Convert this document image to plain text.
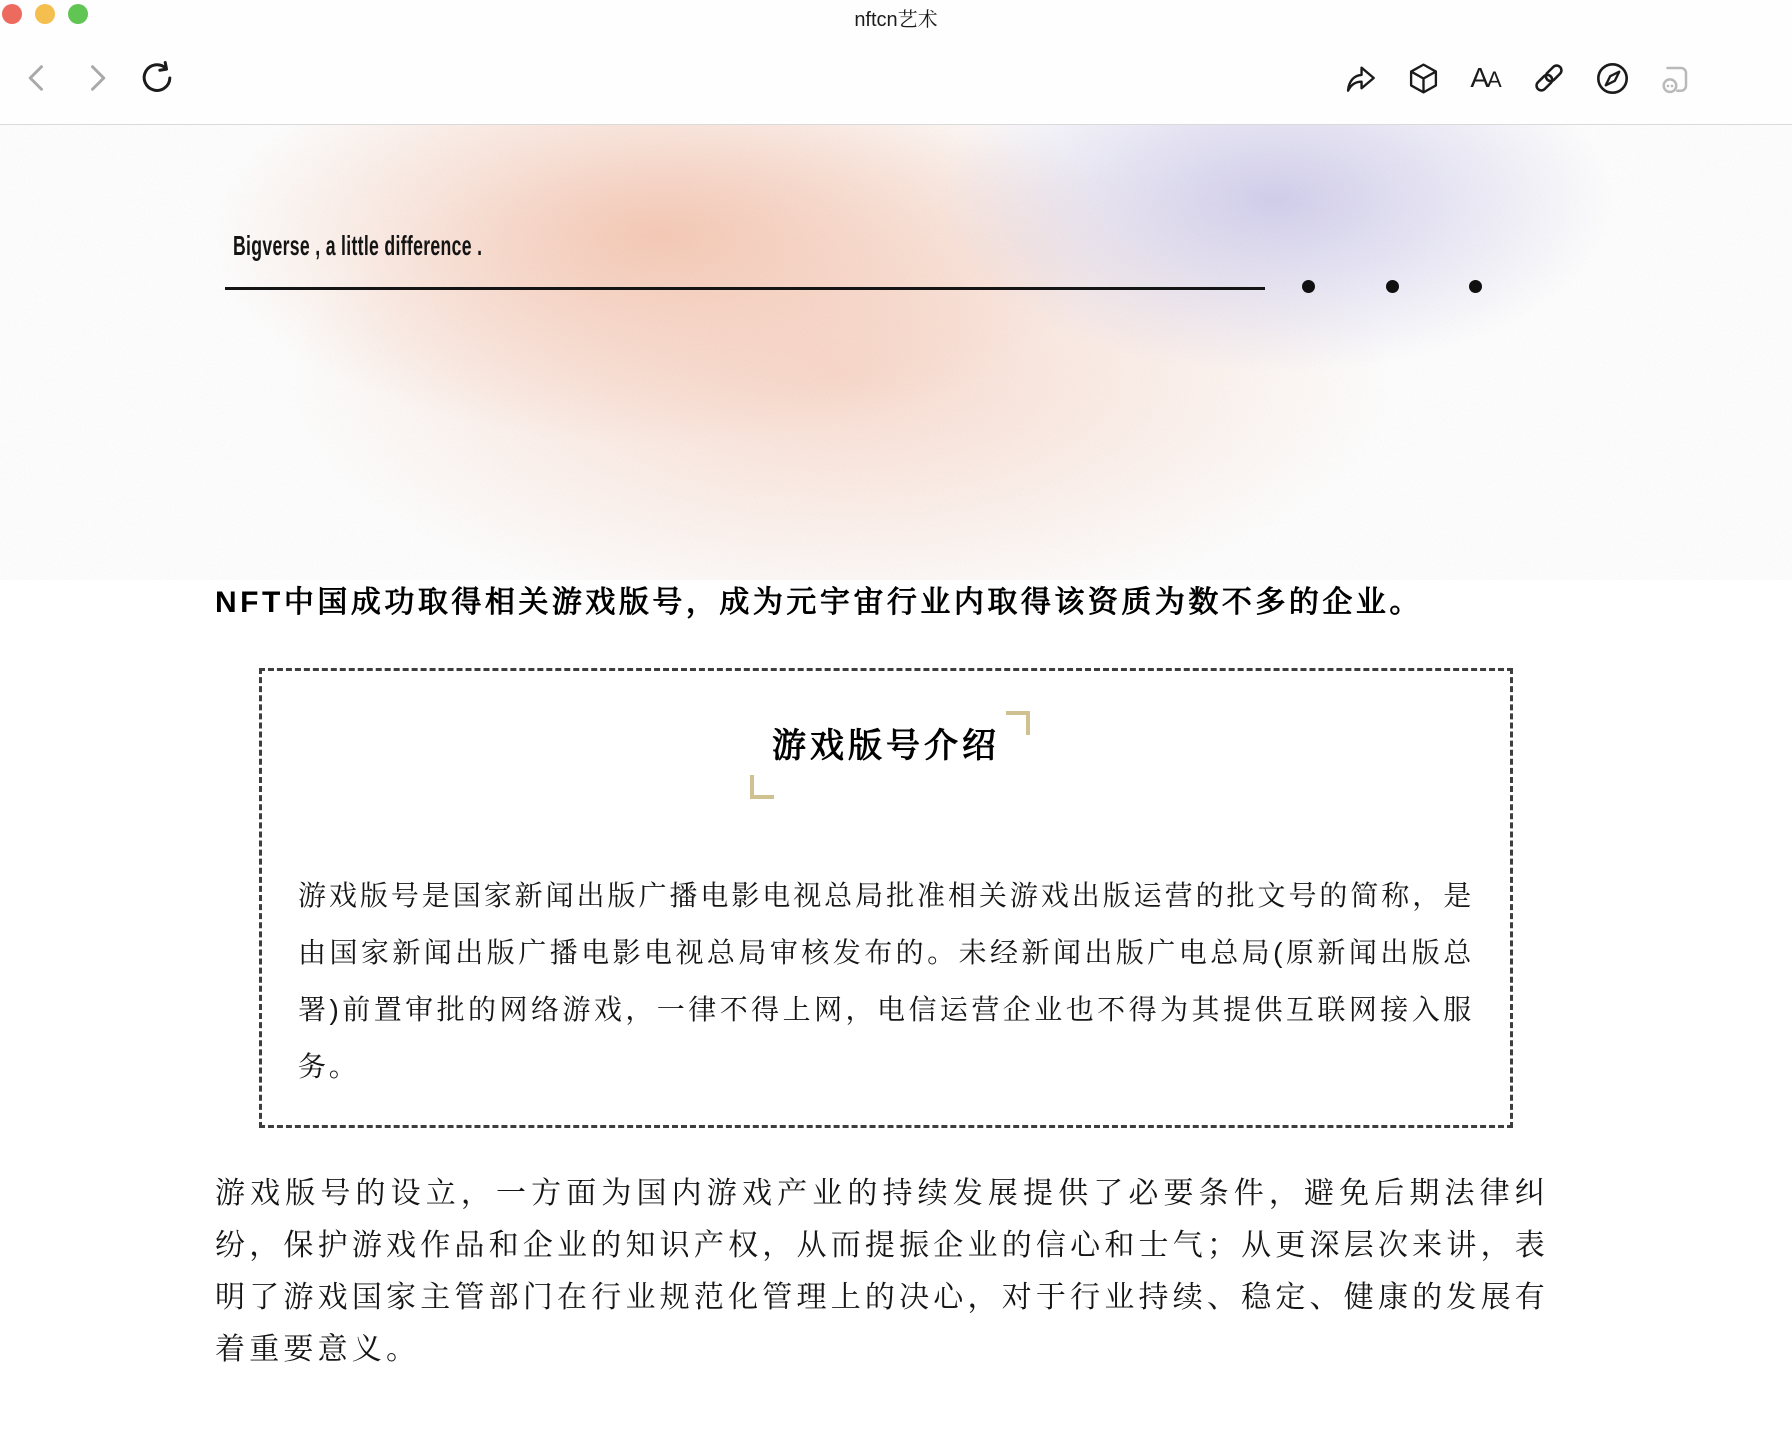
nftcn艺术
A
A
Bigverse , a little difference .
NFT中国成功取得相关游戏版号，成为元宇宙行业内取得该资质为数不多的企业。
游戏版号介绍
游戏版号是国家新闻出版广播电影电视总局批准相关游戏出版运营的批文号的简称，是由国家新闻出版广播电影电视总局审核发布的。未经新闻出版广电总局(原新闻出版总署)前置审批的网络游戏，一律不得上网，电信运营企业也不得为其提供互联网接入服务。
游戏版号的设立，一方面为国内游戏产业的持续发展提供了必要条件，避免后期法律纠纷，保护游戏作品和企业的知识产权，从而提振企业的信心和士气；从更深层次来讲，表明了游戏国家主管部门在行业规范化管理上的决心，对于行业持续、稳定、健康的发展有着重要意义。
